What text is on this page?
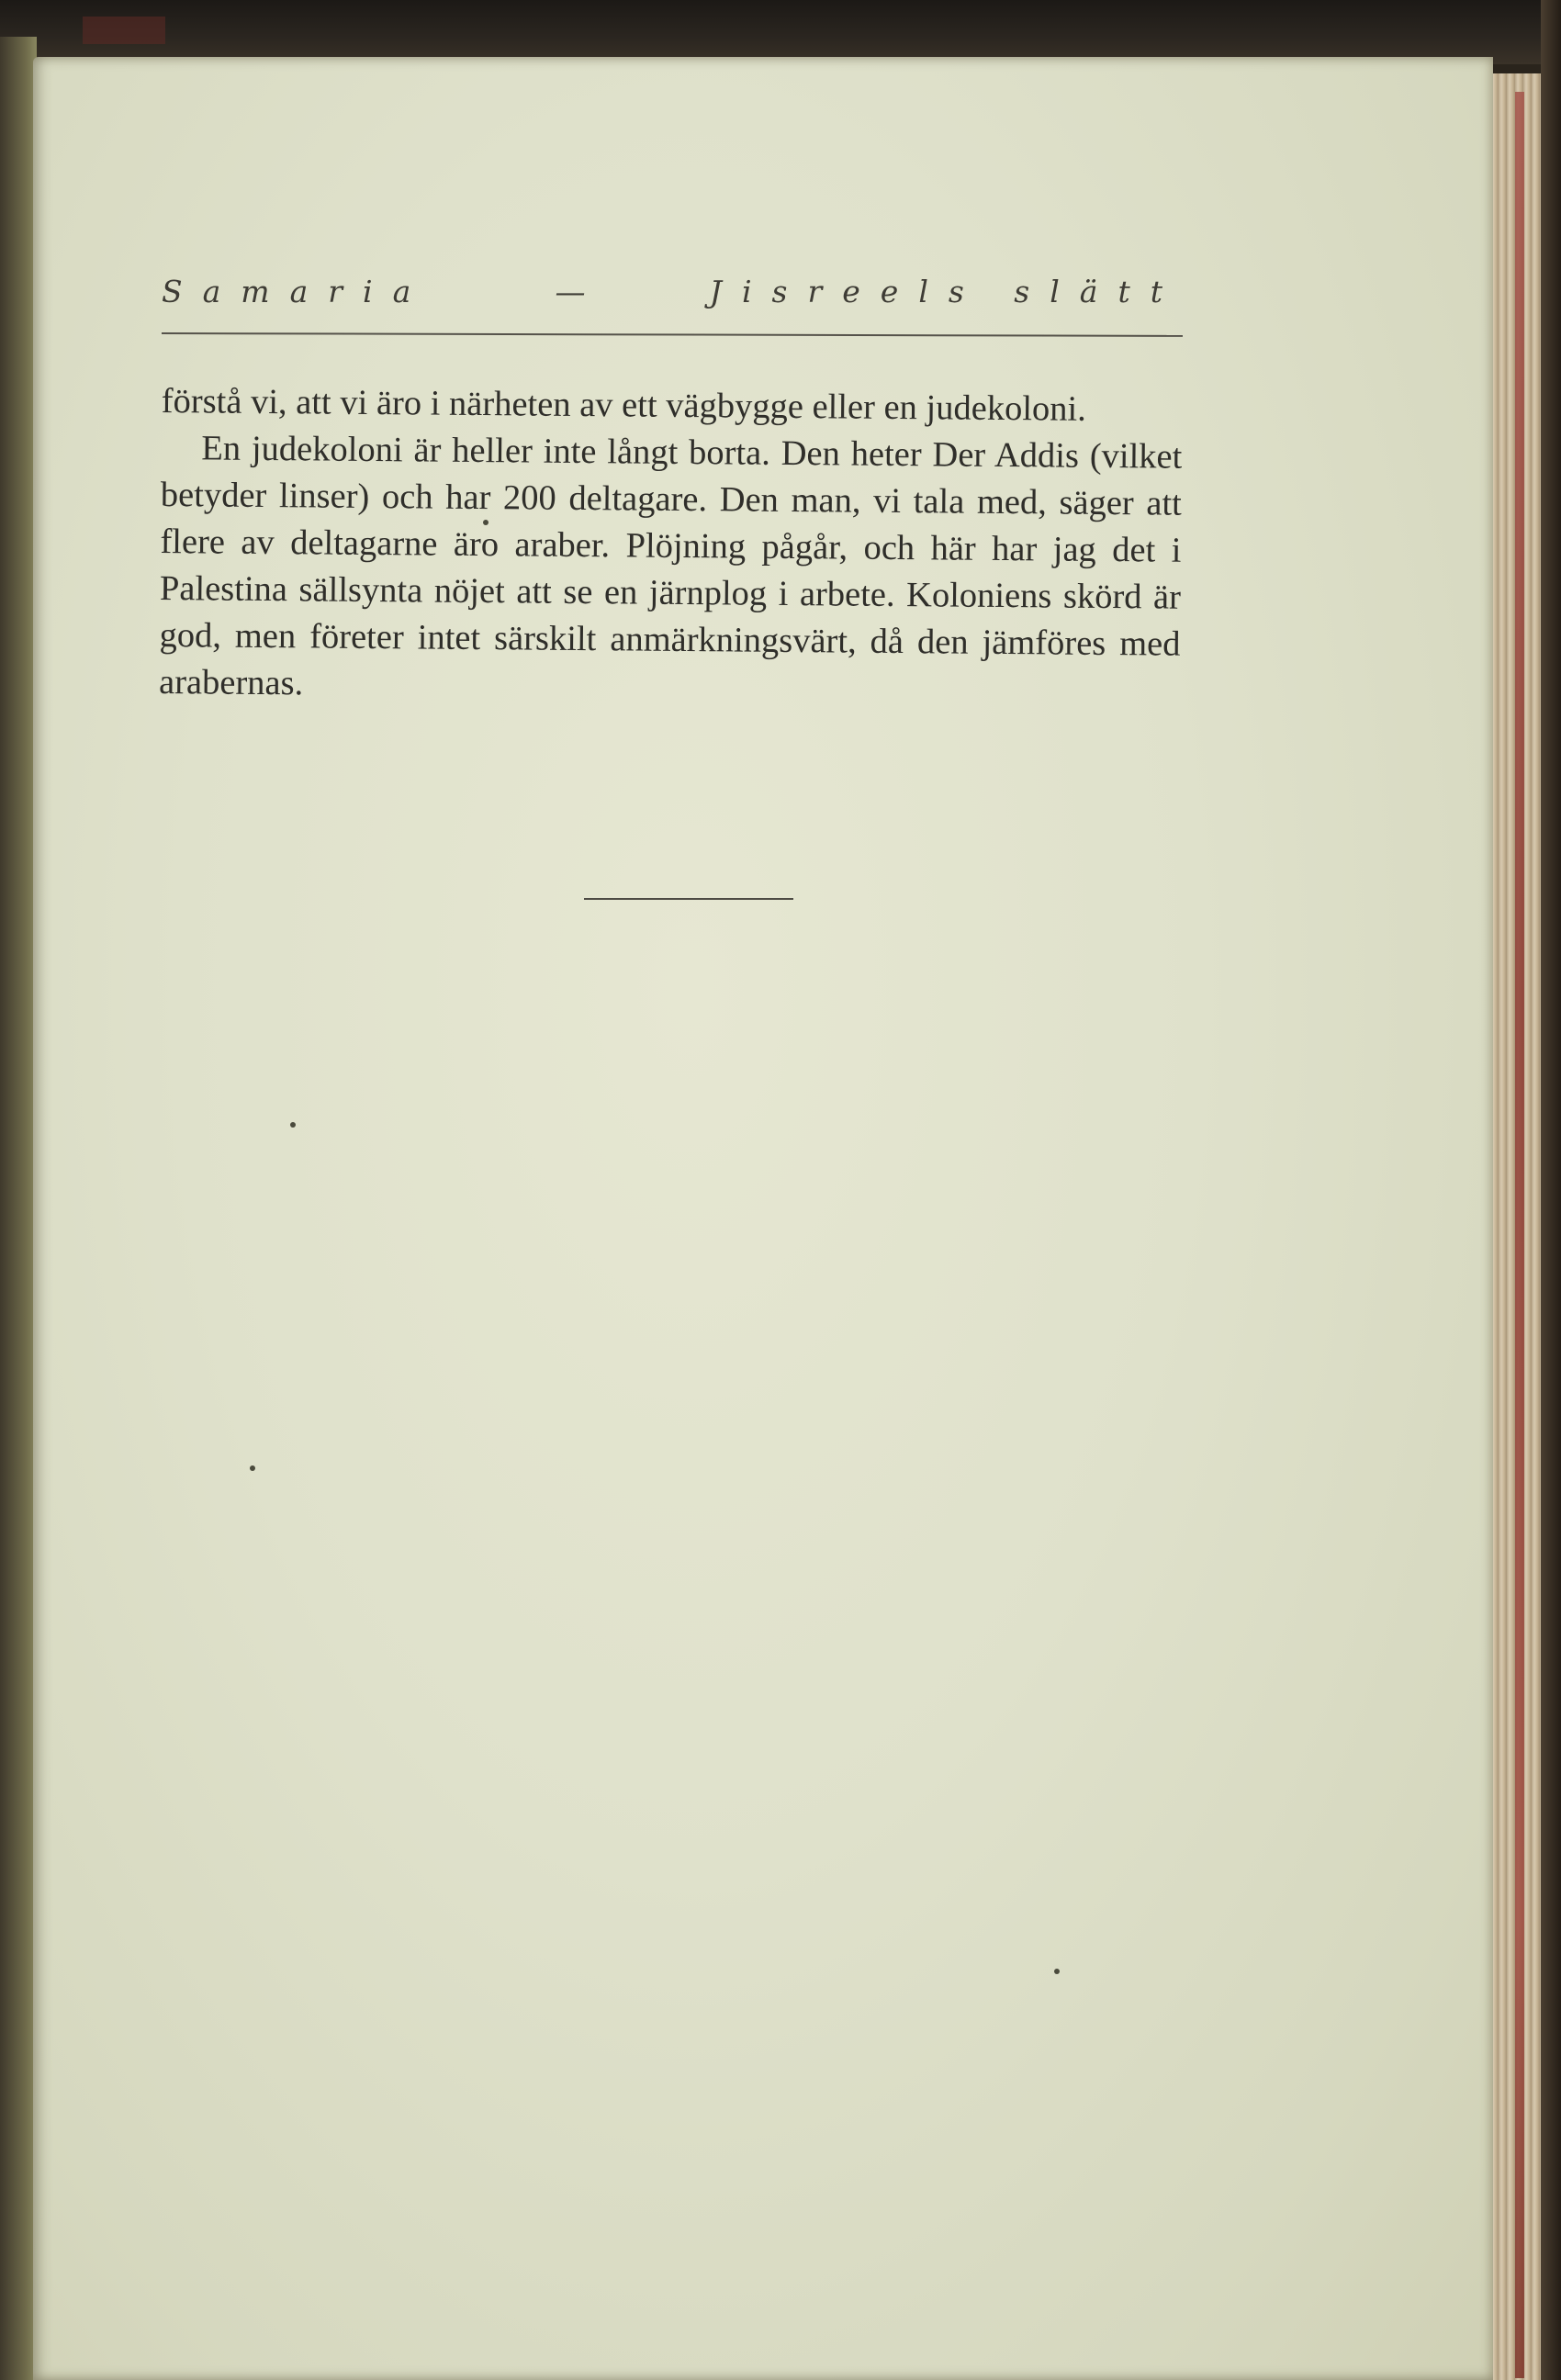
Samaria	—	Jisreels slätt

förstå vi, att vi äro i närheten av ett vägbygge eller en judekoloni.

En judekoloni är heller inte långt borta. Den heter Der Addis (vilket betyder linser) och har 200 deltagare. Den man, vi tala med, säger att flere av deltagarne äro araber. Plöjning pågår, och här har jag det i Palestina sällsynta nöjet att se en järnplog i arbete. Koloniens skörd är god, men företer intet särskilt anmärkningsvärt, då den jämföres med arabernas.
